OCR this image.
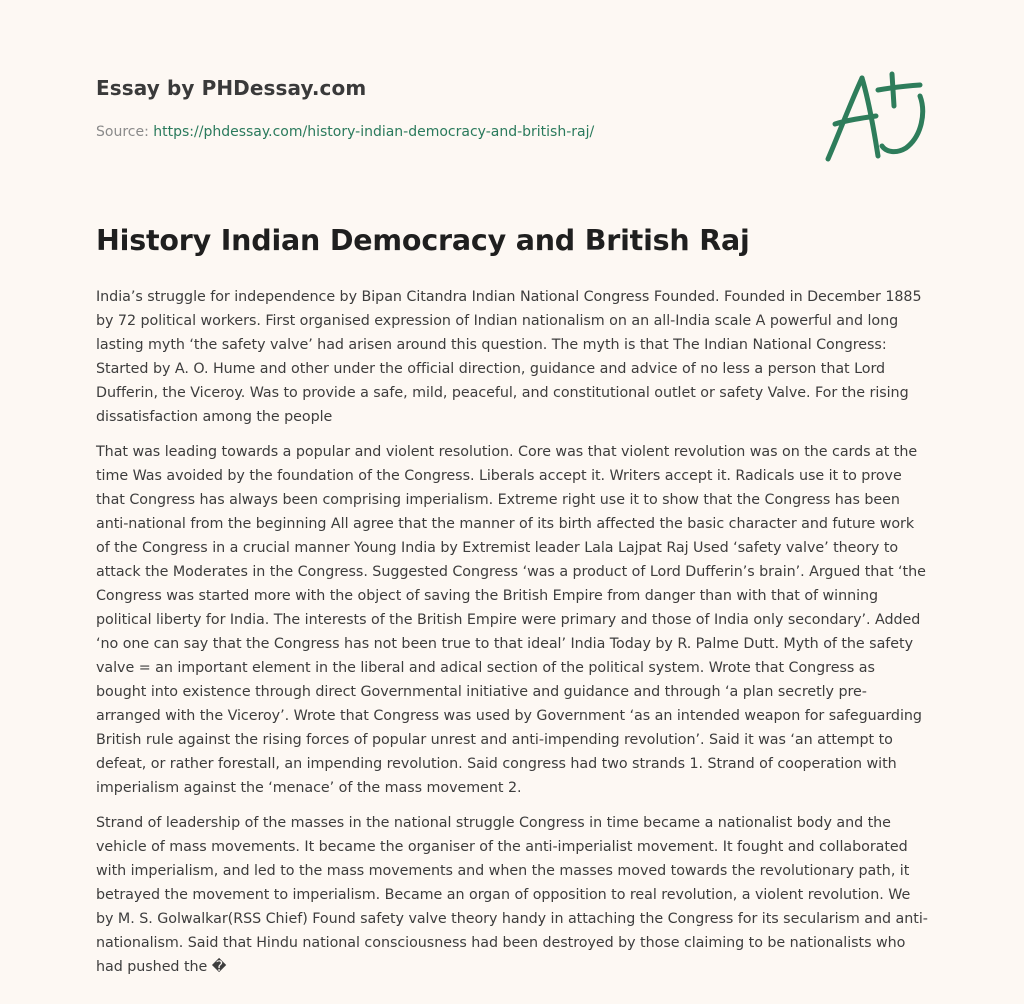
Essay by PHDessay.com
Source: https://phdessay.com/history-indian-democracy-and-british-raj/
History Indian Democracy and British Raj

India’s struggle for independence by Bipan Citandra Indian National Congress Founded. Founded in December 1885 by 72 political workers. First organised expression of Indian nationalism on an all-India scale A powerful and long lasting myth ‘the safety valve’ had arisen around this question. The myth is that The Indian National Congress: Started by A. O. Hume and other under the official direction, guidance and advice of no less a person that Lord Dufferin, the Viceroy. Was to provide a safe, mild, peaceful, and constitutional outlet or safety Valve. For the rising dissatisfaction among the people

That was leading towards a popular and violent resolution. Core was that violent revolution was on the cards at the time Was avoided by the foundation of the Congress. Liberals accept it. Writers accept it. Radicals use it to prove that Congress has always been comprising imperialism. Extreme right use it to show that the Congress has been anti-national from the beginning All agree that the manner of its birth affected the basic character and future work of the Congress in a crucial manner Young India by Extremist leader Lala Lajpat Raj Used ‘safety valve’ theory to attack the Moderates in the Congress. Suggested Congress ‘was a product of Lord Dufferin’s brain’. Argued that ‘the Congress was started more with the object of saving the British Empire from danger than with that of winning political liberty for India. The interests of the British Empire were primary and those of India only secondary’. Added ‘no one can say that the Congress has not been true to that ideal’ India Today by R. Palme Dutt. Myth of the safety valve = an important element in the liberal and adical section of the political system. Wrote that Congress as bought into existence through direct Governmental initiative and guidance and through ‘a plan secretly pre-arranged with the Viceroy’. Wrote that Congress was used by Government ‘as an intended weapon for safeguarding British rule against the rising forces of popular unrest and anti-impending revolution’. Said it was ‘an attempt to defeat, or rather forestall, an impending revolution. Said congress had two strands 1. Strand of cooperation with imperialism against the ‘menace’ of the mass movement 2.

Strand of leadership of the masses in the national struggle Congress in time became a nationalist body and the vehicle of mass movements. It became the organiser of the anti-imperialist movement. It fought and collaborated with imperialism, and led to the mass movements and when the masses moved towards the revolutionary path, it betrayed the movement to imperialism. Became an organ of opposition to real revolution, a violent revolution. We by M. S. Golwalkar(RSS Chief) Found safety valve theory handy in attaching the Congress for its secularism and anti-nationalism. Said that Hindu national consciousness had been destroyed by those claiming to be nationalists who had pushed the �
